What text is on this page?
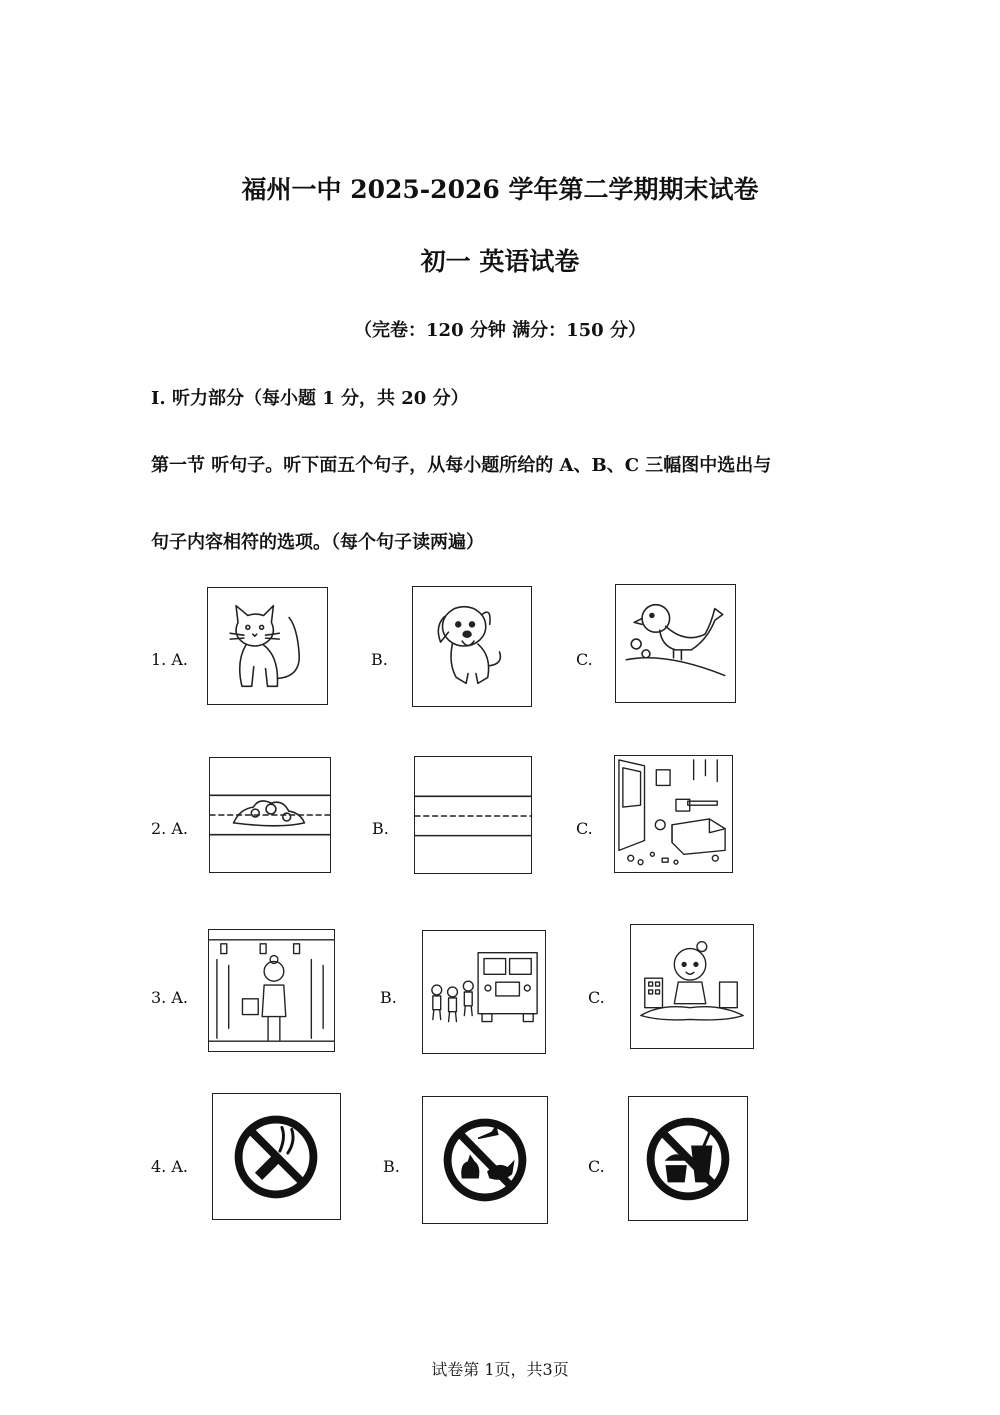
福州一中 2025-2026 学年第二学期期末试卷
初一 英语试卷
（完卷：120 分钟 满分：150 分）
I. 听力部分（每小题 1 分，共 20 分）
第一节 听句子。听下面五个句子，从每小题所给的 A、B、C 三幅图中选出与
句子内容相符的选项。（每个句子读两遍）
1. A.	B.	C.
2. A.	B.	C.
3. A.	B.	C.
4. A.	B.	C.
试卷第 1页，共3页
